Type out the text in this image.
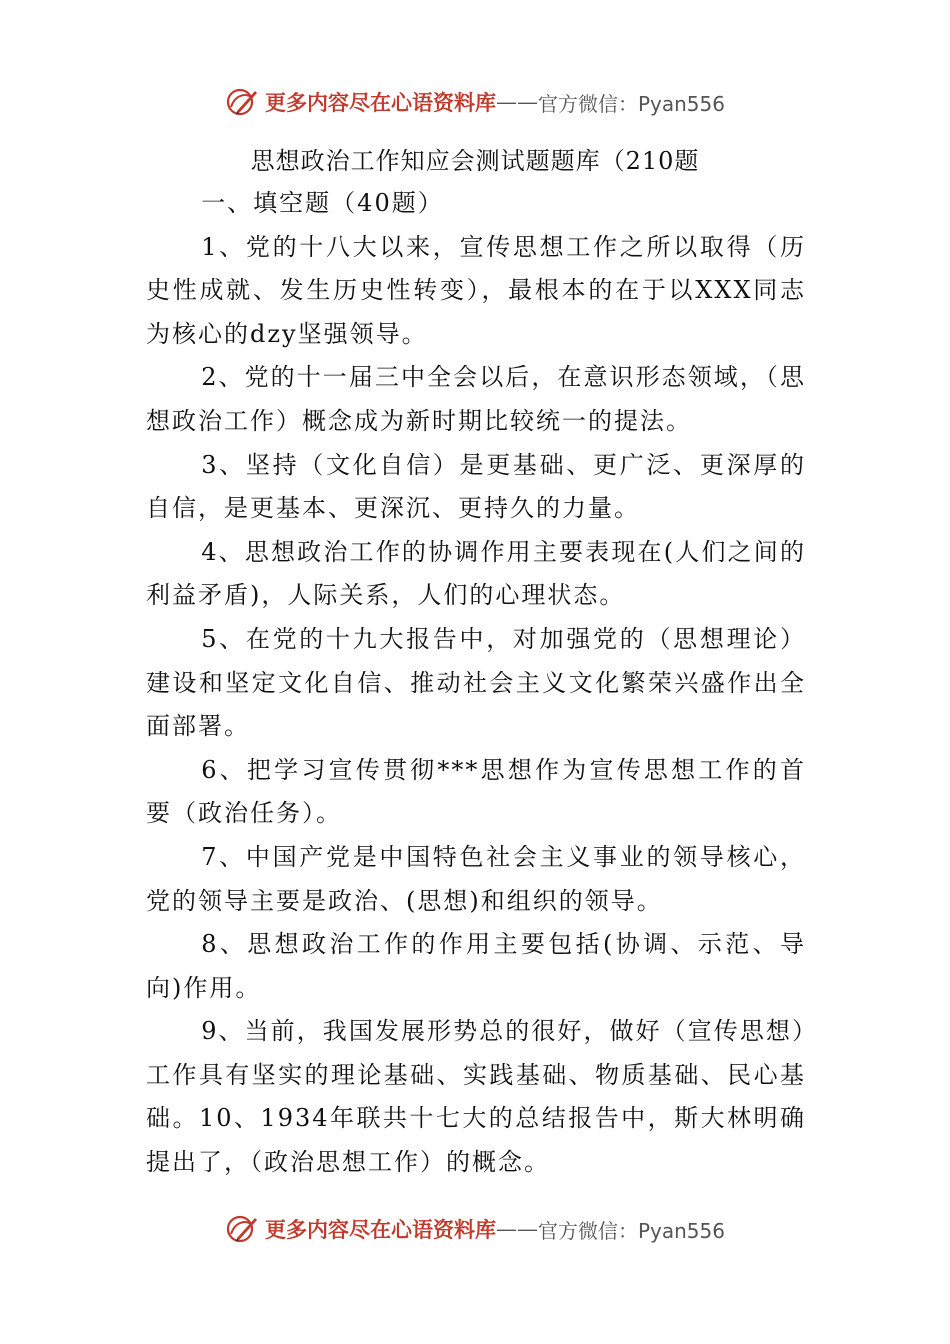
更多内容尽在心语资料库 —— 官方微信：Pyan556
思想政治工作知应会测试题题库（210题

一、填空题（40题）

1、党的十八大以来，宣传思想工作之所以取得（历史性成就、发生历史性转变），最根本的在于以XXX同志为核心的dzy坚强领导。

2、党的十一届三中全会以后，在意识形态领域，（思想政治工作）概念成为新时期比较统一的提法。

3、坚持（文化自信）是更基础、更广泛、更深厚的自信，是更基本、更深沉、更持久的力量。

4、思想政治工作的协调作用主要表现在(人们之间的利益矛盾)，人际关系，人们的心理状态。

5、在党的十九大报告中，对加强党的（思想理论）建设和坚定文化自信、推动社会主义文化繁荣兴盛作出全面部署。

6、把学习宣传贯彻***思想作为宣传思想工作的首要（政治任务）。

7、中国产党是中国特色社会主义事业的领导核心，党的领导主要是政治、(思想)和组织的领导。

8、思想政治工作的作用主要包括(协调、示范、导向)作用。

9、当前，我国发展形势总的很好，做好（宣传思想）工作具有坚实的理论基础、实践基础、物质基础、民心基础。10、1934年联共十七大的总结报告中，斯大林明确提出了，（政治思想工作）的概念。

更多内容尽在心语资料库 —— 官方微信：Pyan556
